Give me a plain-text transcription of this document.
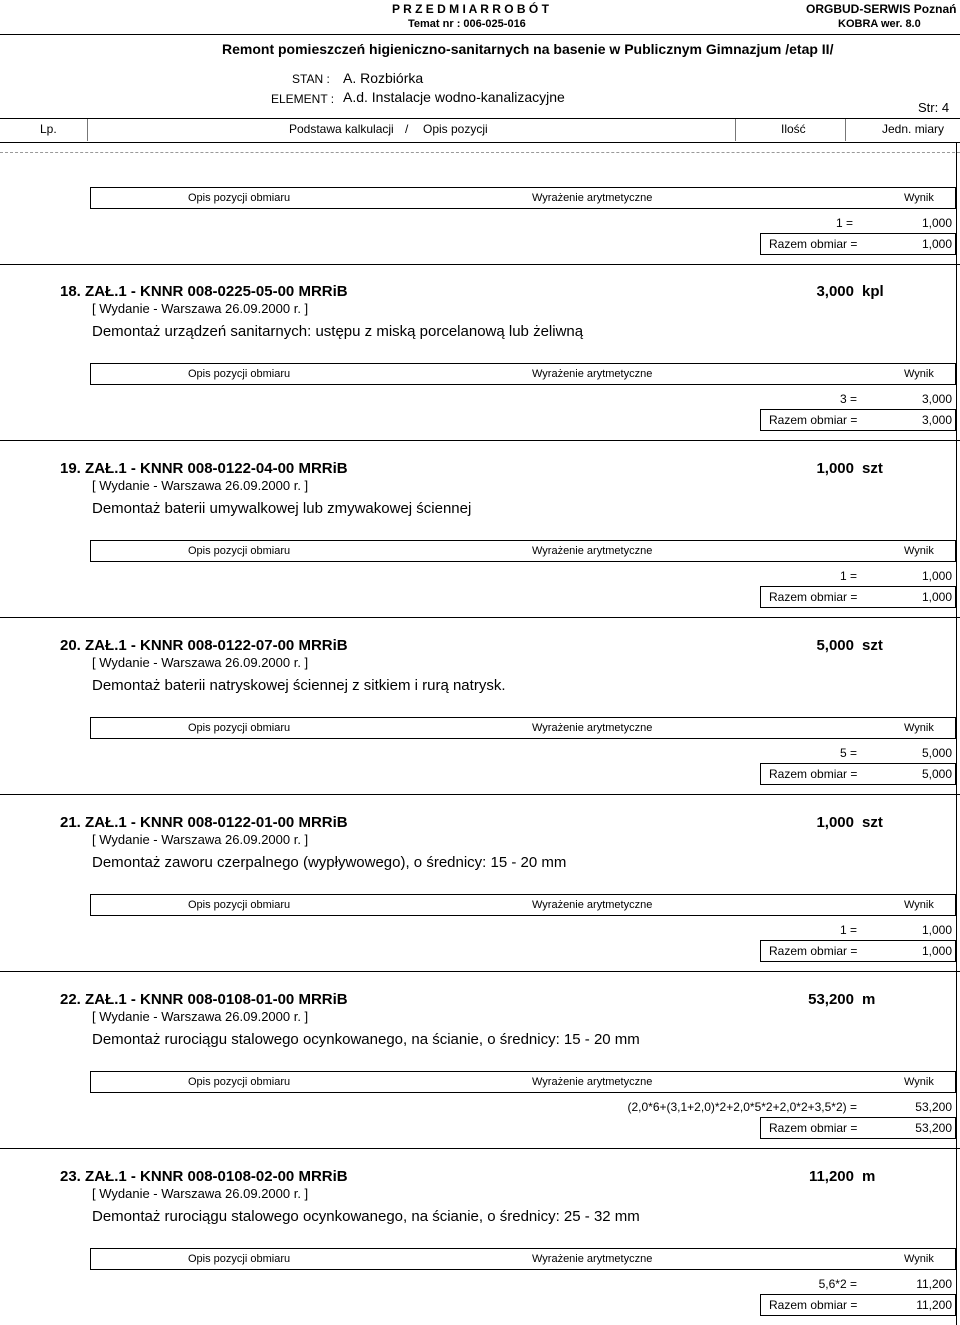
P R Z E D M I A R R O B Ó T
Temat nr : 006-025-016
ORGBUD-SERWIS Poznań
KOBRA wer. 8.0
Remont pomieszczeń higieniczno-sanitarnych na basenie w Publicznym Gimnazjum /etap II/
STAN : A. Rozbiórka
ELEMENT : A.d. Instalacje wodno-kanalizacyjne
Str: 4
Lp.	Podstawa kalkulacji / Opis pozycji	Ilość	Jedn. miary
Opis pozycji obmiaru	Wyrażenie arytmetyczne	Wynik
1 =	1,000
Razem obmiar =	1,000
18. ZAŁ.1 - KNNR 008-0225-05-00 MRRiB	3,000 kpl
[ Wydanie - Warszawa 26.09.2000 r. ]
Demontaż urządzeń sanitarnych: ustępu z miską porcelanową lub żeliwną
Opis pozycji obmiaru	Wyrażenie arytmetyczne	Wynik
3 =	3,000
Razem obmiar =	3,000
19. ZAŁ.1 - KNNR 008-0122-04-00 MRRiB	1,000 szt
[ Wydanie - Warszawa 26.09.2000 r. ]
Demontaż baterii umywalkowej lub zmywakowej ściennej
Opis pozycji obmiaru	Wyrażenie arytmetyczne	Wynik
1 =	1,000
Razem obmiar =	1,000
20. ZAŁ.1 - KNNR 008-0122-07-00 MRRiB	5,000 szt
[ Wydanie - Warszawa 26.09.2000 r. ]
Demontaż baterii natryskowej ściennej z sitkiem i rurą natrysk.
Opis pozycji obmiaru	Wyrażenie arytmetyczne	Wynik
5 =	5,000
Razem obmiar =	5,000
21. ZAŁ.1 - KNNR 008-0122-01-00 MRRiB	1,000 szt
[ Wydanie - Warszawa 26.09.2000 r. ]
Demontaż zaworu czerpalnego (wypływowego), o średnicy: 15 - 20 mm
Opis pozycji obmiaru	Wyrażenie arytmetyczne	Wynik
1 =	1,000
Razem obmiar =	1,000
22. ZAŁ.1 - KNNR 008-0108-01-00 MRRiB	53,200 m
[ Wydanie - Warszawa 26.09.2000 r. ]
Demontaż rurociągu stalowego ocynkowanego, na ścianie, o średnicy: 15 - 20 mm
Opis pozycji obmiaru	Wyrażenie arytmetyczne	Wynik
(2,0*6+(3,1+2,0)*2+2,0*5*2+2,0*2+3,5*2) =	53,200
Razem obmiar =	53,200
23. ZAŁ.1 - KNNR 008-0108-02-00 MRRiB	11,200 m
[ Wydanie - Warszawa 26.09.2000 r. ]
Demontaż rurociągu stalowego ocynkowanego, na ścianie, o średnicy: 25 - 32 mm
Opis pozycji obmiaru	Wyrażenie arytmetyczne	Wynik
5,6*2 =	11,200
Razem obmiar =	11,200
